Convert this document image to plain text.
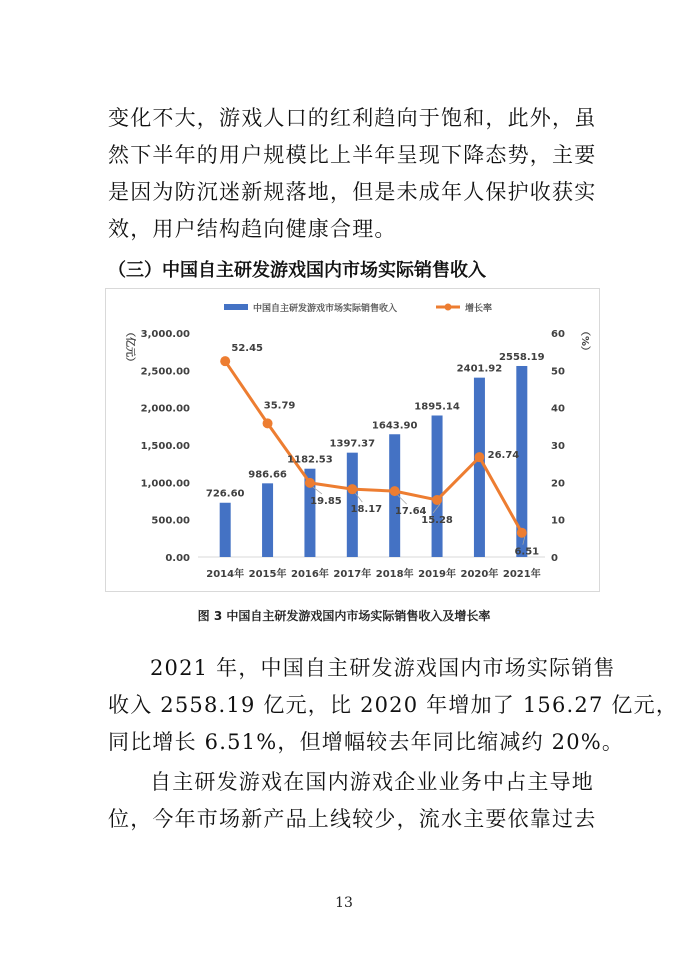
变化不大，游戏人口的红利趋向于饱和，此外，虽
然下半年的用户规模比上半年呈现下降态势，主要
是因为防沉迷新规落地，但是未成年人保护收获实
效，用户结构趋向健康合理。
（三）中国自主研发游戏国内市场实际销售收入
中国自主研发游戏市场实际销售收入	增长率
0.00
500.00
1,000.00
1,500.00
2,000.00
2,500.00
3,000.00
0
10
20
30
40
50
60
（亿元）	（%）
2014年 2015年 2016年 2017年 2018年 2019年 2020年 2021年
726.60
986.66
1182.53
1397.37
1643.90
1895.14
2401.92
2558.19
52.45
35.79
19.85
18.17 17.64
15.28
26.74
6.51

图 3 中国自主研发游戏国内市场实际销售收入及增长率

2021 年，中国自主研发游戏国内市场实际销售
收入 2558.19 亿元，比 2020 年增加了 156.27 亿元，
同比增长 6.51%，但增幅较去年同比缩减约 20%。
自主研发游戏在国内游戏企业业务中占主导地
位，今年市场新产品上线较少，流水主要依靠过去
13
